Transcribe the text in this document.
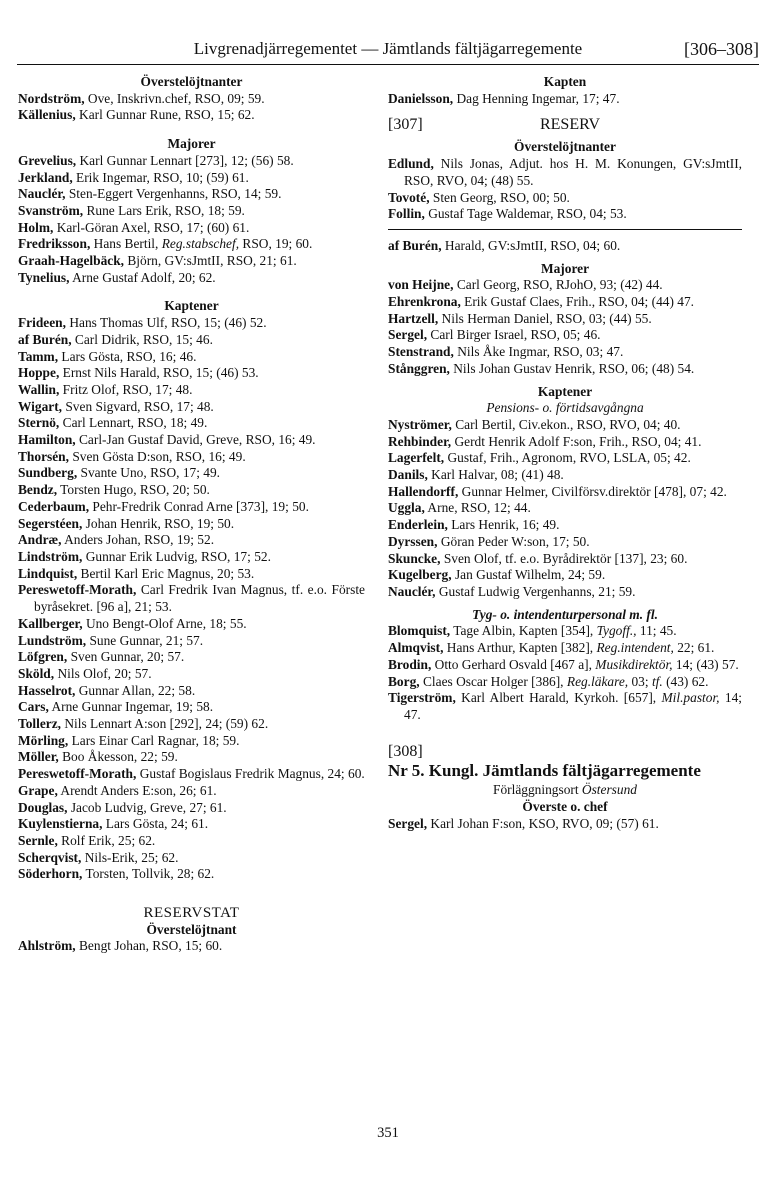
Livgrenadjärregementet — Jämtlands fältjägarregemente	[306–308]
Överstelöjtnanter
Nordström, Ove, Inskrivn.chef, RSO, 09; 59.
Källenius, Karl Gunnar Rune, RSO, 15; 62.
Majorer
Grevelius, Karl Gunnar Lennart [273], 12; (56) 58.
Jerkland, Erik Ingemar, RSO, 10; (59) 61.
Nauclér, Sten-Eggert Vergenhanns, RSO, 14; 59.
Svanström, Rune Lars Erik, RSO, 18; 59.
Holm, Karl-Göran Axel, RSO, 17; (60) 61.
Fredriksson, Hans Bertil, Reg.stabschef, RSO, 19; 60.
Graah-Hagelbäck, Björn, GV:sJmtII, RSO, 21; 61.
Tynelius, Arne Gustaf Adolf, 20; 62.
Kaptener
Frideen, Hans Thomas Ulf, RSO, 15; (46) 52.
af Burén, Carl Didrik, RSO, 15; 46.
Tamm, Lars Gösta, RSO, 16; 46.
Hoppe, Ernst Nils Harald, RSO, 15; (46) 53.
Wallin, Fritz Olof, RSO, 17; 48.
Wigart, Sven Sigvard, RSO, 17; 48.
Sternö, Carl Lennart, RSO, 18; 49.
Hamilton, Carl-Jan Gustaf David, Greve, RSO, 16; 49.
Thorsén, Sven Gösta D:son, RSO, 16; 49.
Sundberg, Svante Uno, RSO, 17; 49.
Bendz, Torsten Hugo, RSO, 20; 50.
Cederbaum, Pehr-Fredrik Conrad Arne [373], 19; 50.
Segerstéen, Johan Henrik, RSO, 19; 50.
Andræ, Anders Johan, RSO, 19; 52.
Lindström, Gunnar Erik Ludvig, RSO, 17; 52.
Lindquist, Bertil Karl Eric Magnus, 20; 53.
Pereswetoff-Morath, Carl Fredrik Ivan Magnus, tf. e.o. Förste byråsekret. [96 a], 21; 53.
Kallberger, Uno Bengt-Olof Arne, 18; 55.
Lundström, Sune Gunnar, 21; 57.
Löfgren, Sven Gunnar, 20; 57.
Sköld, Nils Olof, 20; 57.
Hasselrot, Gunnar Allan, 22; 58.
Cars, Arne Gunnar Ingemar, 19; 58.
Tollerz, Nils Lennart A:son [292], 24; (59) 62.
Mörling, Lars Einar Carl Ragnar, 18; 59.
Möller, Boo Åkesson, 22; 59.
Pereswetoff-Morath, Gustaf Bogislaus Fredrik Magnus, 24; 60.
Grape, Arendt Anders E:son, 26; 61.
Douglas, Jacob Ludvig, Greve, 27; 61.
Kuylenstierna, Lars Gösta, 24; 61.
Sernle, Rolf Erik, 25; 62.
Scherqvist, Nils-Erik, 25; 62.
Söderhorn, Torsten, Tollvik, 28; 62.
RESERVSTAT
Överstelöjtnant
Ahlström, Bengt Johan, RSO, 15; 60.
Kapten
Danielsson, Dag Henning Ingemar, 17; 47.
[307]	RESERV
Överstelöjtnanter
Edlund, Nils Jonas, Adjut. hos H. M. Konungen, GV:sJmtII, RSO, RVO, 04; (48) 55.
Tovoté, Sten Georg, RSO, 00; 50.
Follin, Gustaf Tage Waldemar, RSO, 04; 53.
af Burén, Harald, GV:sJmtII, RSO, 04; 60.
Majorer
von Heijne, Carl Georg, RSO, RJohO, 93; (42) 44.
Ehrenkrona, Erik Gustaf Claes, Frih., RSO, 04; (44) 47.
Hartzell, Nils Herman Daniel, RSO, 03; (44) 55.
Sergel, Carl Birger Israel, RSO, 05; 46.
Stenstrand, Nils Åke Ingmar, RSO, 03; 47.
Stånggren, Nils Johan Gustav Henrik, RSO, 06; (48) 54.
Kaptener
Pensions- o. förtidsavgångna
Nyströmer, Carl Bertil, Civ.ekon., RSO, RVO, 04; 40.
Rehbinder, Gerdt Henrik Adolf F:son, Frih., RSO, 04; 41.
Lagerfelt, Gustaf, Frih., Agronom, RVO, LSLA, 05; 42.
Danils, Karl Halvar, 08; (41) 48.
Hallendorff, Gunnar Helmer, Civilförsv.direktör [478], 07; 42.
Uggla, Arne, RSO, 12; 44.
Enderlein, Lars Henrik, 16; 49.
Dyrssen, Göran Peder W:son, 17; 50.
Skuncke, Sven Olof, tf. e.o. Byrådirektör [137], 23; 60.
Kugelberg, Jan Gustaf Wilhelm, 24; 59.
Nauclér, Gustaf Ludwig Vergenhanns, 21; 59.
Tyg- o. intendenturpersonal m. fl.
Blomquist, Tage Albin, Kapten [354], Tygoff., 11; 45.
Almqvist, Hans Arthur, Kapten [382], Reg.intendent, 22; 61.
Brodin, Otto Gerhard Osvald [467 a], Musikdirektör, 14; (43) 57.
Borg, Claes Oscar Holger [386], Reg.läkare, 03; tf. (43) 62.
Tigerström, Karl Albert Harald, Kyrkoh. [657], Mil.pastor, 14; 47.
[308]
Nr 5. Kungl. Jämtlands fältjägarregemente
Förläggningsort Östersund
Överste o. chef
Sergel, Karl Johan F:son, KSO, RVO, 09; (57) 61.
351
